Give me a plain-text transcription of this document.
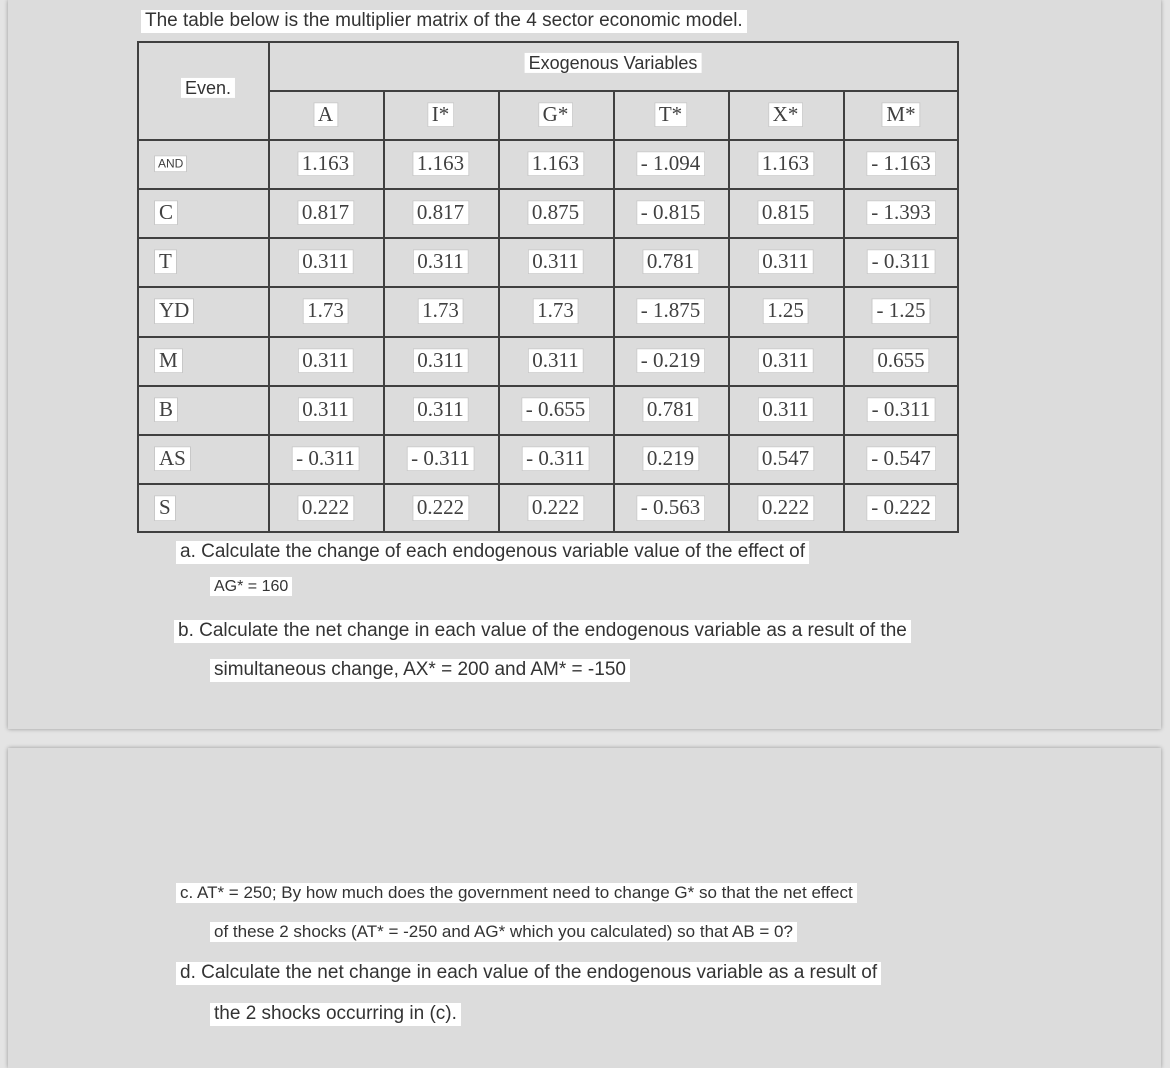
The table below is the multiplier matrix of the 4 sector economic model.
Even.
Exogenous Variables
A	I*	G*	T*	X*	M*
AND	1.163	1.163	1.163	- 1.094	1.163	- 1.163
C	0.817	0.817	0.875	- 0.815	0.815	- 1.393
T	0.311	0.311	0.311	0.781	0.311	- 0.311
YD	1.73	1.73	1.73	- 1.875	1.25	- 1.25
M	0.311	0.311	0.311	- 0.219	0.311	0.655
B	0.311	0.311	- 0.655	0.781	0.311	- 0.311
AS	- 0.311	- 0.311	- 0.311	0.219	0.547	- 0.547
S	0.222	0.222	0.222	- 0.563	0.222	- 0.222
a. Calculate the change of each endogenous variable value of the effect of
AG* = 160
b. Calculate the net change in each value of the endogenous variable as a result of the
simultaneous change, AX* = 200 and AM* = -150
c. AT* = 250; By how much does the government need to change G* so that the net effect
of these 2 shocks (AT* = -250 and AG* which you calculated) so that AB = 0?
d. Calculate the net change in each value of the endogenous variable as a result of
the 2 shocks occurring in (c).
